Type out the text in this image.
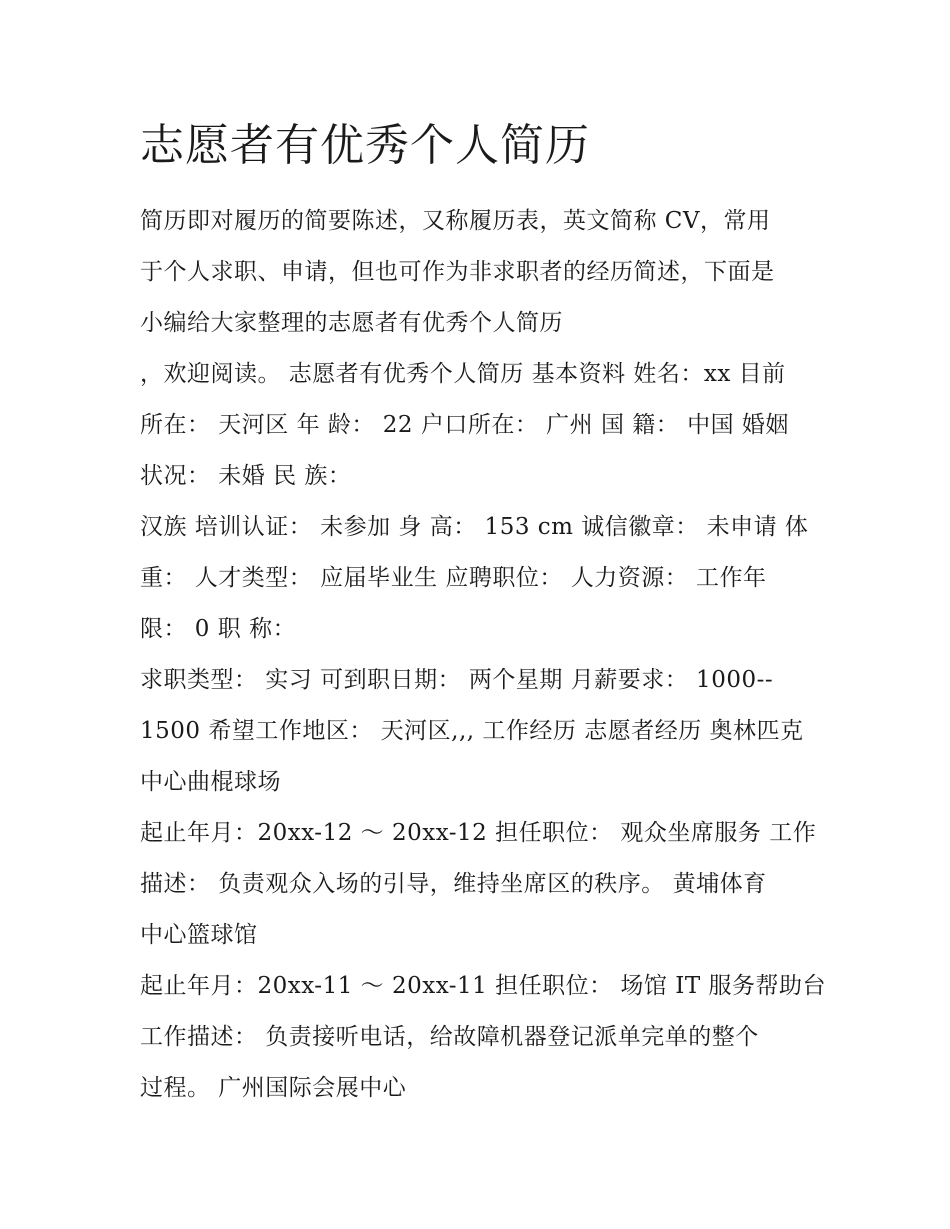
志愿者有优秀个人简历

简历即对履历的简要陈述，又称履历表，英文简称 CV，常用

于个人求职、申请，但也可作为非求职者的经历简述，下面是

小编给大家整理的志愿者有优秀个人简历

，欢迎阅读。 志愿者有优秀个人简历 基本资料 姓名：xx 目前

所在： 天河区 年 龄： 22 户口所在： 广州 国 籍： 中国 婚姻

状况： 未婚 民 族：

汉族 培训认证： 未参加 身 高： 153 cm 诚信徽章： 未申请 体

重： 人才类型： 应届毕业生 应聘职位： 人力资源： 工作年

限： 0 职 称：

求职类型： 实习 可到职日期： 两个星期 月薪要求： 1000--

1500 希望工作地区： 天河区,,, 工作经历 志愿者经历 奥林匹克

中心曲棍球场

起止年月：20xx-12 ～ 20xx-12 担任职位： 观众坐席服务 工作

描述： 负责观众入场的引导，维持坐席区的秩序。 黄埔体育

中心篮球馆

起止年月：20xx-11 ～ 20xx-11 担任职位： 场馆 IT 服务帮助台

工作描述： 负责接听电话，给故障机器登记派单完单的整个

过程。 广州国际会展中心
